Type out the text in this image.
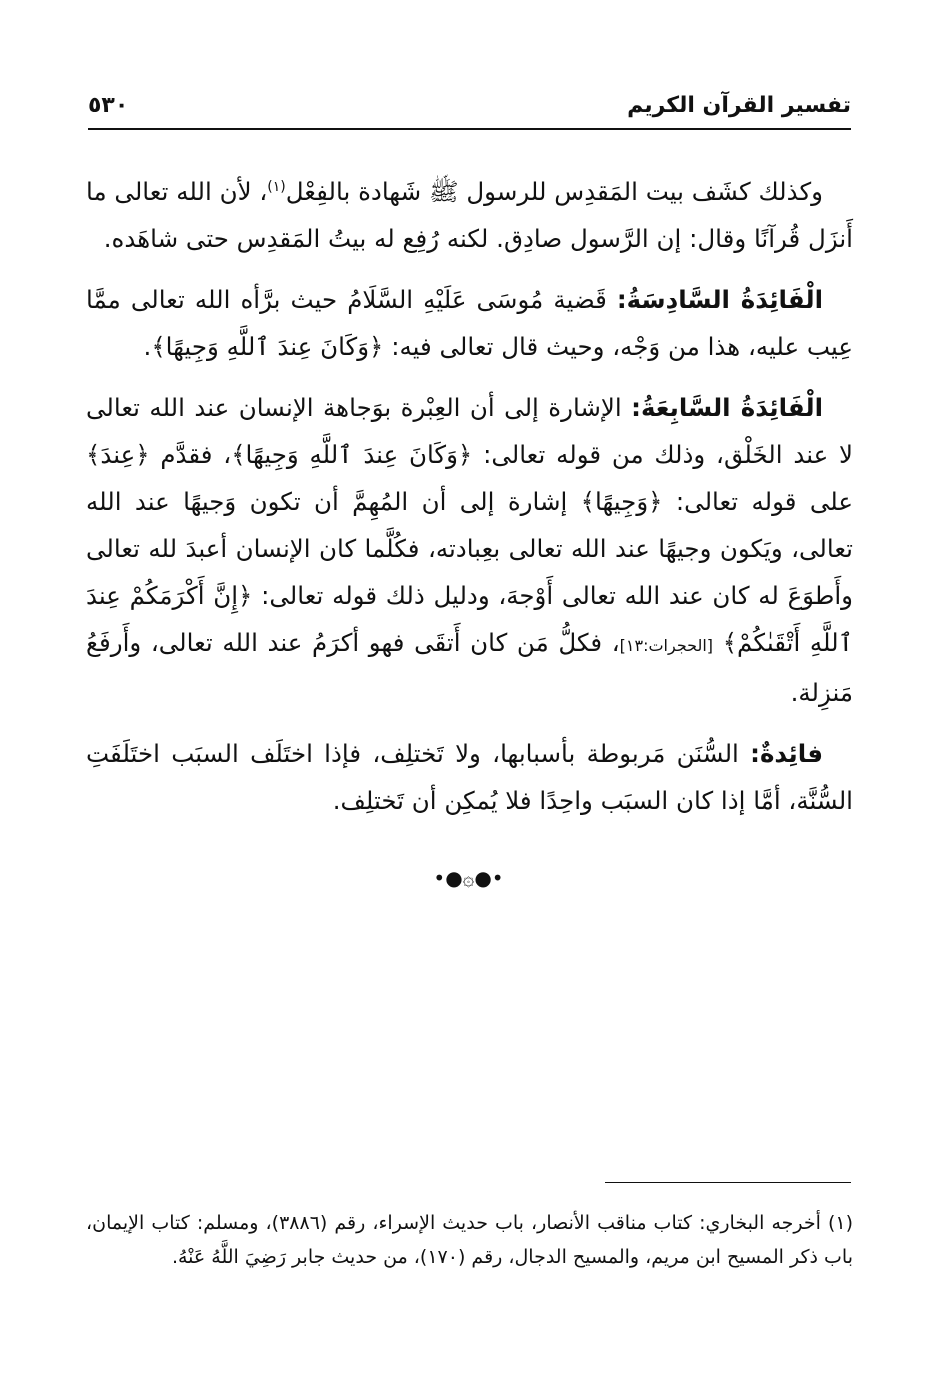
تفسير القرآن الكريم
٥٣٠

وكذلك كشَف بيت المَقدِس للرسول ﷺ شَهادة بالفِعْل$^{(١)}$، لأن الله تعالى ما أَنزَل قُرآنًا وقال: إن الرَّسول صادِق. لكنه رُفِع له بيتُ المَقدِس حتى شاهَده.

الْفَائِدَةُ السَّادِسَةُ: قَضية مُوسَى عَلَيْهِ السَّلَامُ حيث برَّأه الله تعالى ممَّا عِيب عليه، هذا من وَجْه، وحيث قال تعالى فيه: ﴿وَكَانَ عِندَ ٱللَّهِ وَجِيهًا﴾.

الْفَائِدَةُ السَّابِعَةُ: الإشارة إلى أن العِبْرة بوَجاهة الإنسان عند الله تعالى لا عند الخَلْق، وذلك من قوله تعالى: ﴿وَكَانَ عِندَ ٱللَّهِ وَجِيهًا﴾، فقدَّم ﴿عِندَ﴾ على قوله تعالى: ﴿وَجِيهًا﴾ إشارة إلى أن المُهِمَّ أن تكون وَجيهًا عند الله تعالى، ويَكون وجيهًا عند الله تعالى بعِبادته، فكُلَّما كان الإنسان أعبدَ لله تعالى وأَطوَعَ له كان عند الله تعالى أَوْجهَ، ودليل ذلك قوله تعالى: ﴿إِنَّ أَكْرَمَكُمْ عِندَ ٱللَّهِ أَتْقَىٰكُمْ﴾ [الحجرات:١٣]، فكلُّ مَن كان أَتقَى فهو أكرَمُ عند الله تعالى، وأَرفَعُ مَنزِلة.

فائِدةٌ: السُّنَن مَربوطة بأسبابها، ولا تَختلِف، فإذا اختَلَف السبَب اختَلَفَتِ السُّنَّة، أمَّا إذا كان السبَب واحِدًا فلا يُمكِن أن تَختلِف.

•●۞●•

(١) أخرجه البخاري: كتاب مناقب الأنصار، باب حديث الإسراء، رقم (٣٨٨٦)، ومسلم: كتاب الإيمان، باب ذكر المسيح ابن مريم، والمسيح الدجال، رقم (١٧٠)، من حديث جابر رَضِيَ اللَّهُ عَنْهُ.
